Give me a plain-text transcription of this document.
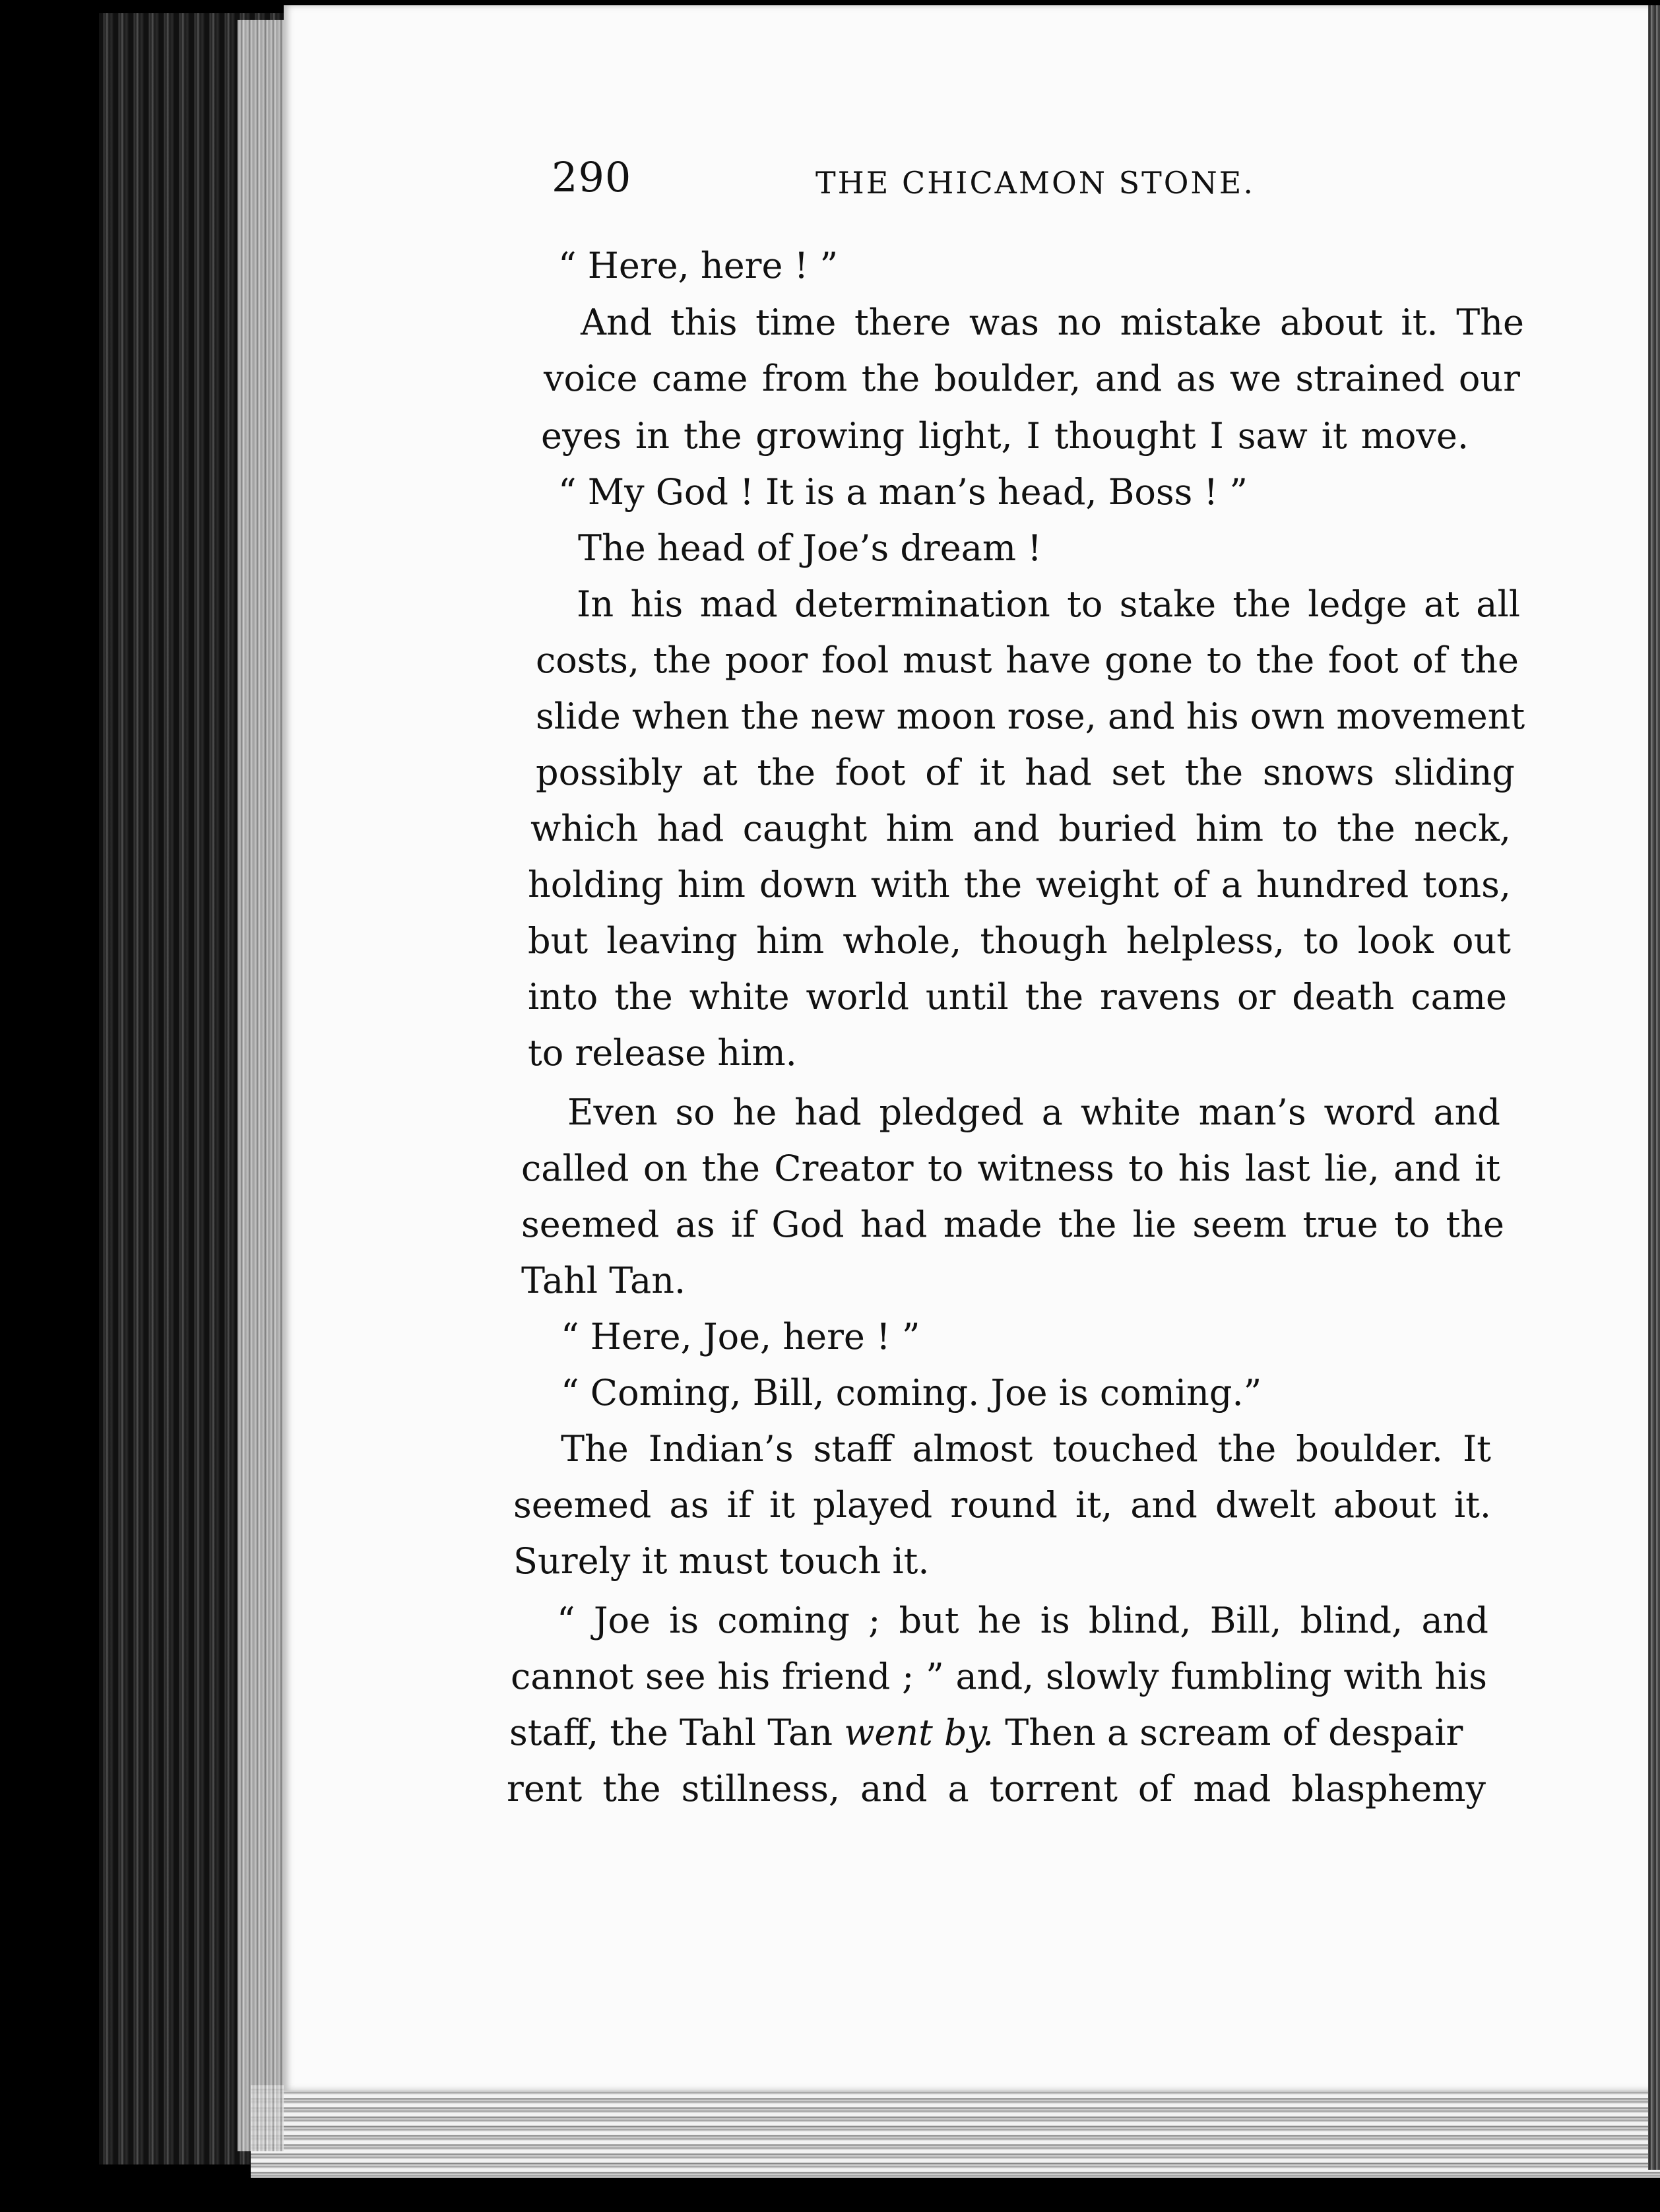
290	THE CHICAMON STONE.
“ Here, here ! ”
And this time there was no mistake about it. The
voice came from the boulder, and as we strained our
eyes in the growing light, I thought I saw it move.
“ My God ! It is a man’s head, Boss ! ”
The head of Joe’s dream !
In his mad determination to stake the ledge at all
costs, the poor fool must have gone to the foot of the
slide when the new moon rose, and his own movement
possibly at the foot of it had set the snows sliding
which had caught him and buried him to the neck,
holding him down with the weight of a hundred tons,
but leaving him whole, though helpless, to look out
into the white world until the ravens or death came
to release him.
Even so he had pledged a white man’s word and
called on the Creator to witness to his last lie, and it
seemed as if God had made the lie seem true to the
Tahl Tan.
“ Here, Joe, here ! ”
“ Coming, Bill, coming. Joe is coming.”
The Indian’s staff almost touched the boulder. It
seemed as if it played round it, and dwelt about it.
Surely it must touch it.
“ Joe is coming ; but he is blind, Bill, blind, and
cannot see his friend ; ” and, slowly fumbling with his
staff, the Tahl Tan went by. Then a scream of despair
rent the stillness, and a torrent of mad blasphemy
